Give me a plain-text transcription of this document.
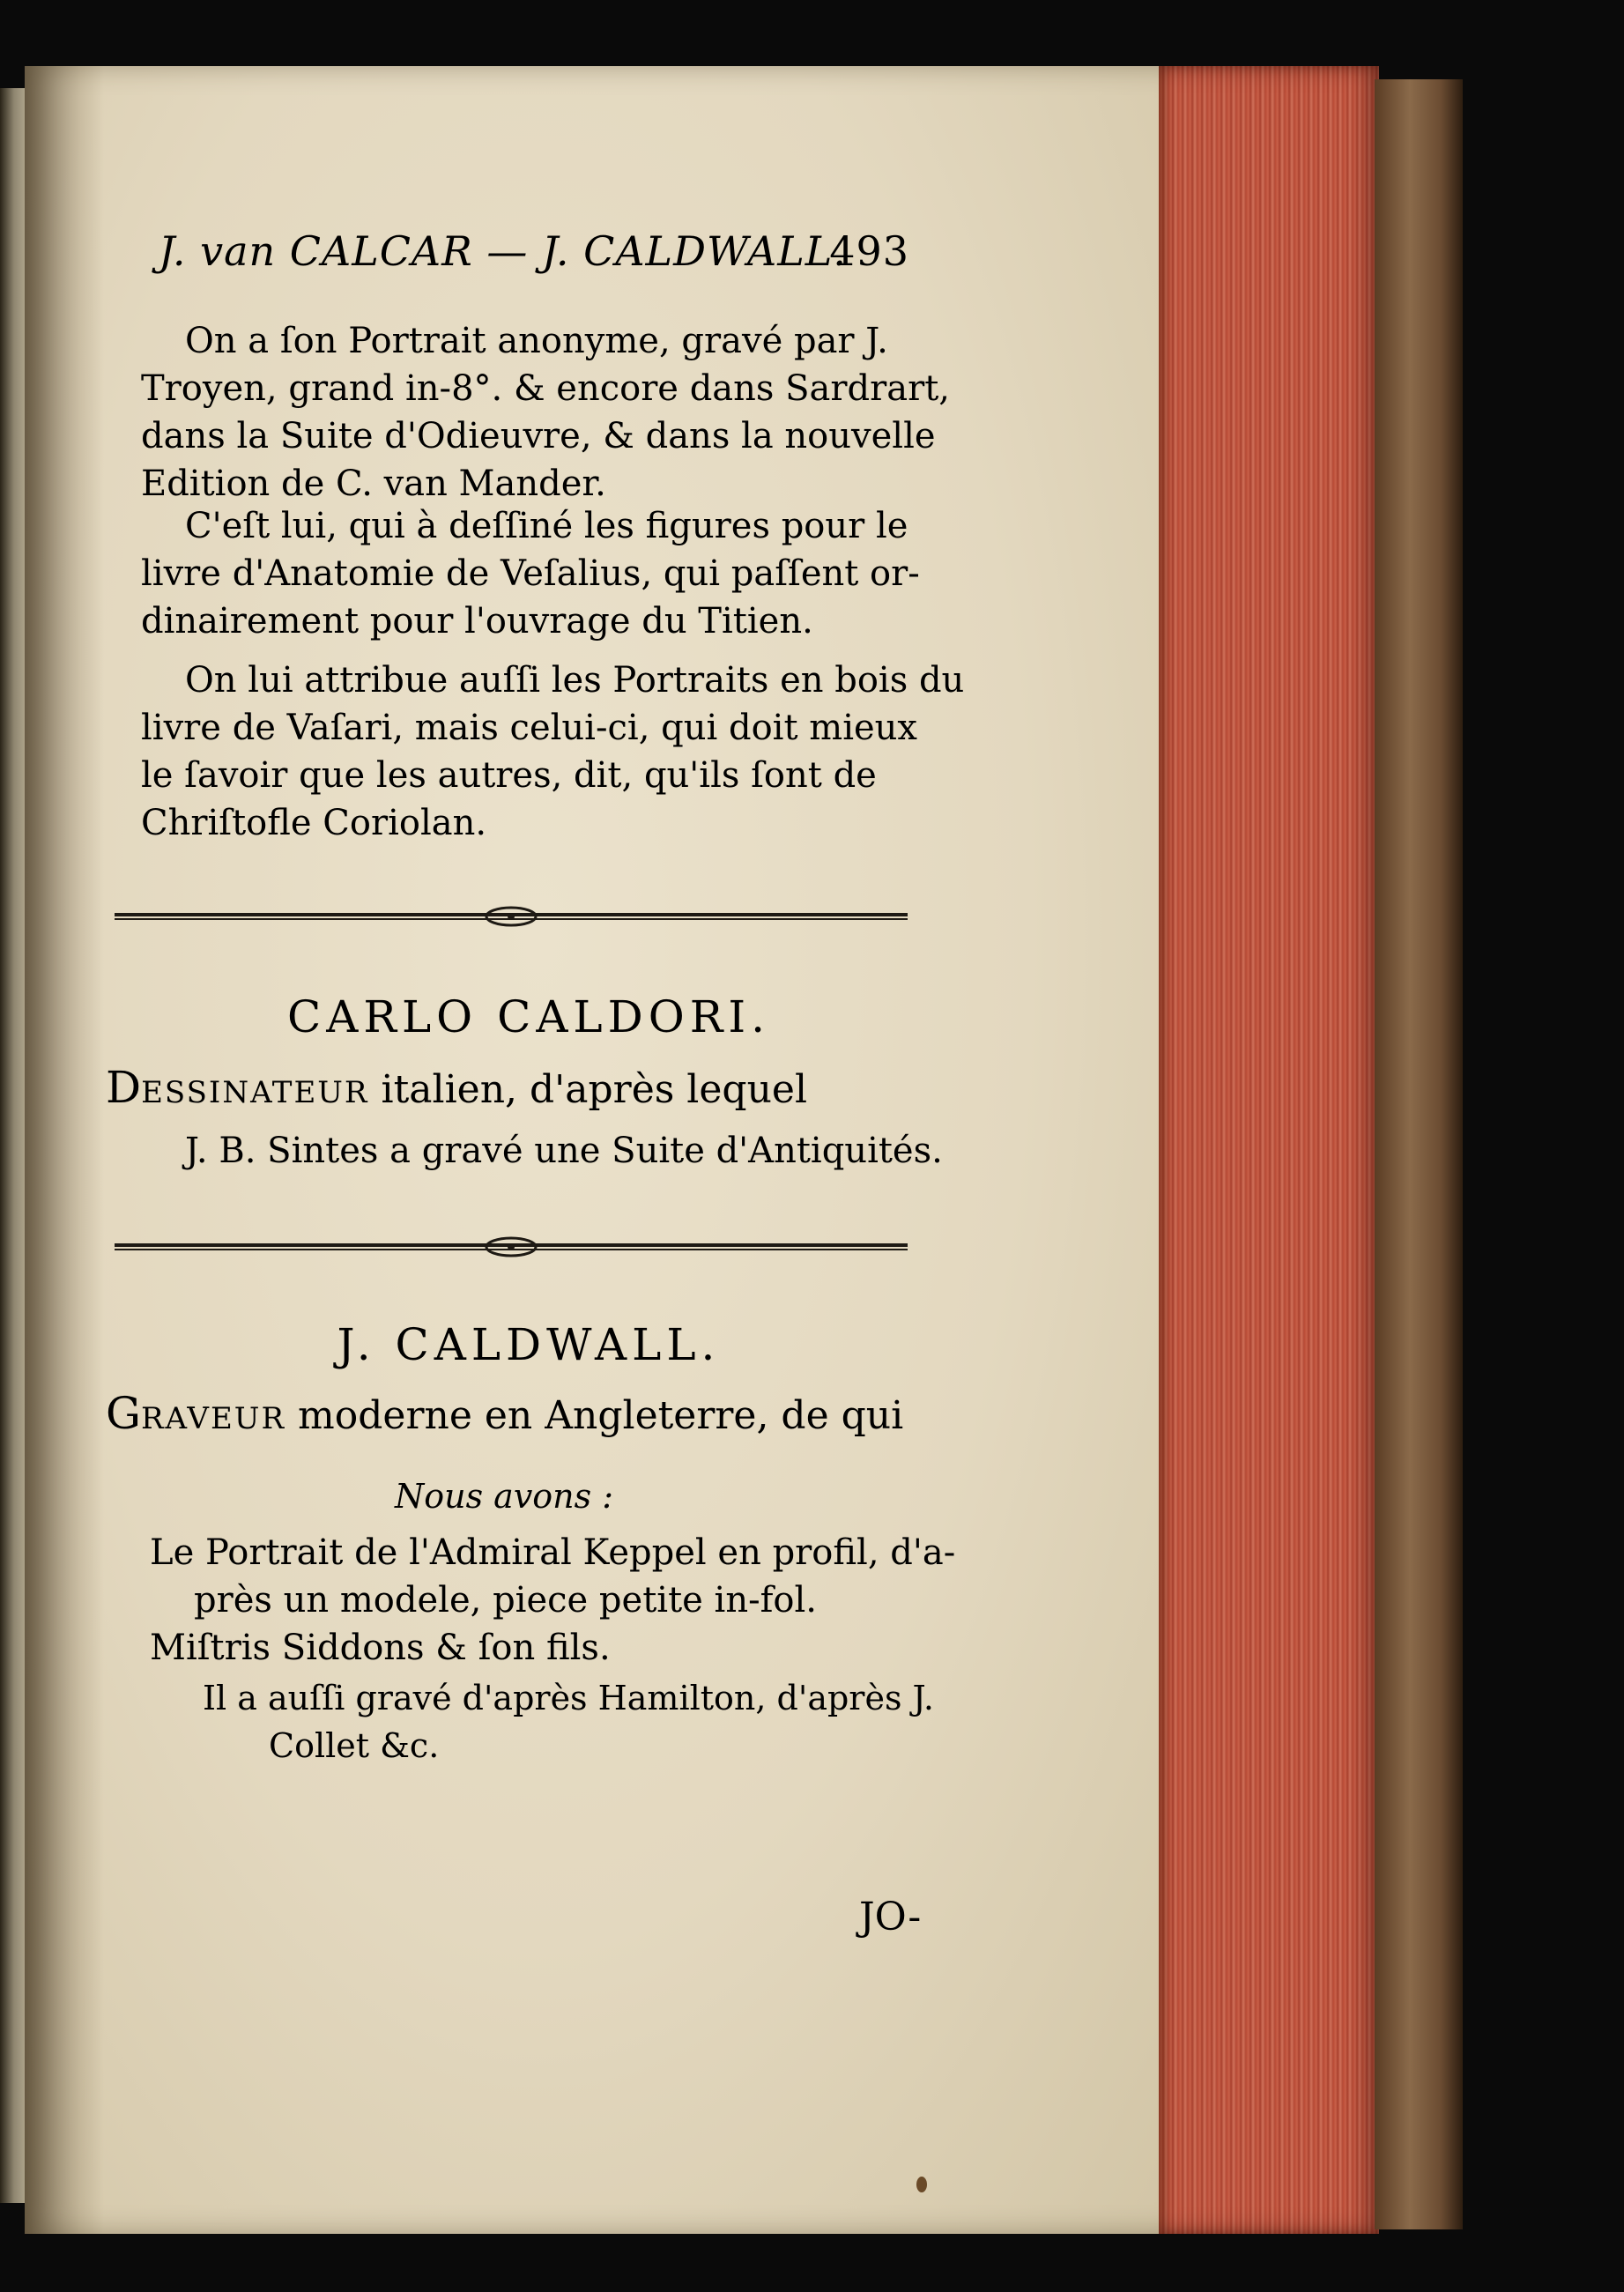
J. van CALCAR — J. CALDWALL.
493
On a ſon Portrait anonyme, gravé par J.
Troyen, grand in-8°. & encore dans Sardrart,
dans la Suite d'Odieuvre, & dans la nouvelle
Edition de C. van Mander.
C'eſt lui, qui à deſſiné les figures pour le
livre d'Anatomie de Veſalius, qui paſſent or-
dinairement pour l'ouvrage du Titien.
On lui attribue auſſi les Portraits en bois du
livre de Vaſari, mais celui-ci, qui doit mieux
le ſavoir que les autres, dit, qu'ils ſont de
Chriſtofle Coriolan.
CARLO CALDORI.
DESSINATEUR italien, d'après lequel
J. B. Sintes a gravé une Suite d'Antiquités.
J. CALDWALL.
GRAVEUR moderne en Angleterre, de qui
Nous avons :
Le Portrait de l'Admiral Keppel en profil, d'a-
près un modele, piece petite in-fol.
Miſtris Siddons & ſon fils.
Il a auſſi gravé d'après Hamilton, d'après J.
Collet &c.
JO-
